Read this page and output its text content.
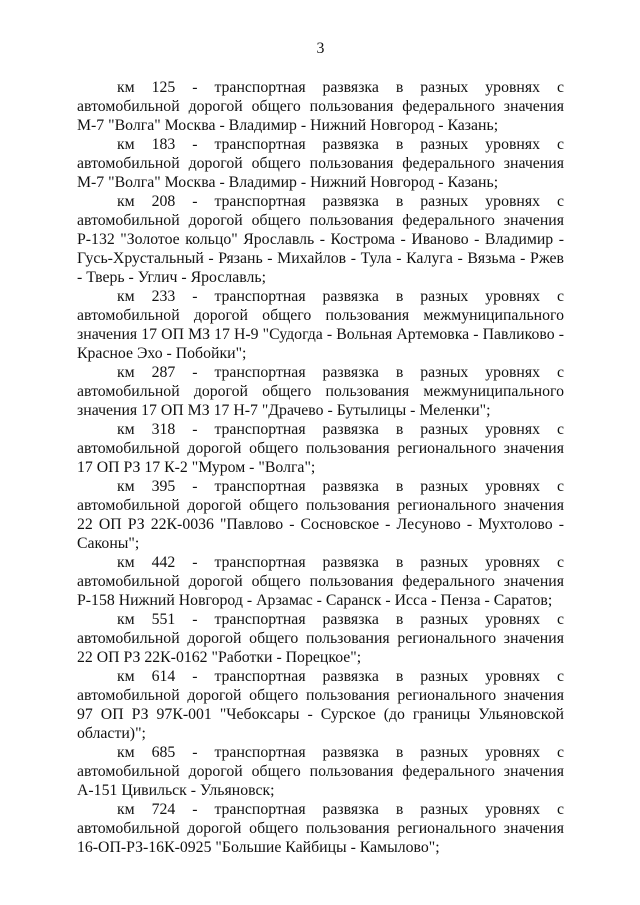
3

км 125 - транспортная развязка в разных уровнях с автомобильной дорогой общего пользования федерального значения М-7 "Волга" Москва - Владимир - Нижний Новгород - Казань;

км 183 - транспортная развязка в разных уровнях с автомобильной дорогой общего пользования федерального значения М-7 "Волга" Москва - Владимир - Нижний Новгород - Казань;

км 208 - транспортная развязка в разных уровнях с автомобильной дорогой общего пользования федерального значения Р-132 "Золотое кольцо" Ярославль - Кострома - Иваново - Владимир - Гусь-Хрустальный - Рязань - Михайлов - Тула - Калуга - Вязьма - Ржев - Тверь - Углич - Ярославль;

км 233 - транспортная развязка в разных уровнях с автомобильной дорогой общего пользования межмуниципального значения 17 ОП МЗ 17 Н-9 "Судогда - Вольная Артемовка - Павликово - Красное Эхо - Побойки";

км 287 - транспортная развязка в разных уровнях с автомобильной дорогой общего пользования межмуниципального значения 17 ОП МЗ 17 Н-7 "Драчево - Бутылицы - Меленки";

км 318 - транспортная развязка в разных уровнях с автомобильной дорогой общего пользования регионального значения 17 ОП РЗ 17 К-2 "Муром - "Волга";

км 395 - транспортная развязка в разных уровнях с автомобильной дорогой общего пользования регионального значения 22 ОП РЗ 22К-0036 "Павлово - Сосновское - Лесуново - Мухтолово - Саконы";

км 442 - транспортная развязка в разных уровнях с автомобильной дорогой общего пользования федерального значения Р-158 Нижний Новгород - Арзамас - Саранск - Исса - Пенза - Саратов;

км 551 - транспортная развязка в разных уровнях с автомобильной дорогой общего пользования регионального значения 22 ОП РЗ 22К-0162 "Работки - Порецкое";

км 614 - транспортная развязка в разных уровнях с автомобильной дорогой общего пользования регионального значения 97 ОП РЗ 97К-001 "Чебоксары - Сурское (до границы Ульяновской области)";

км 685 - транспортная развязка в разных уровнях с автомобильной дорогой общего пользования федерального значения А-151 Цивильск - Ульяновск;

км 724 - транспортная развязка в разных уровнях с автомобильной дорогой общего пользования регионального значения 16-ОП-РЗ-16К-0925 "Большие Кайбицы - Камылово";
